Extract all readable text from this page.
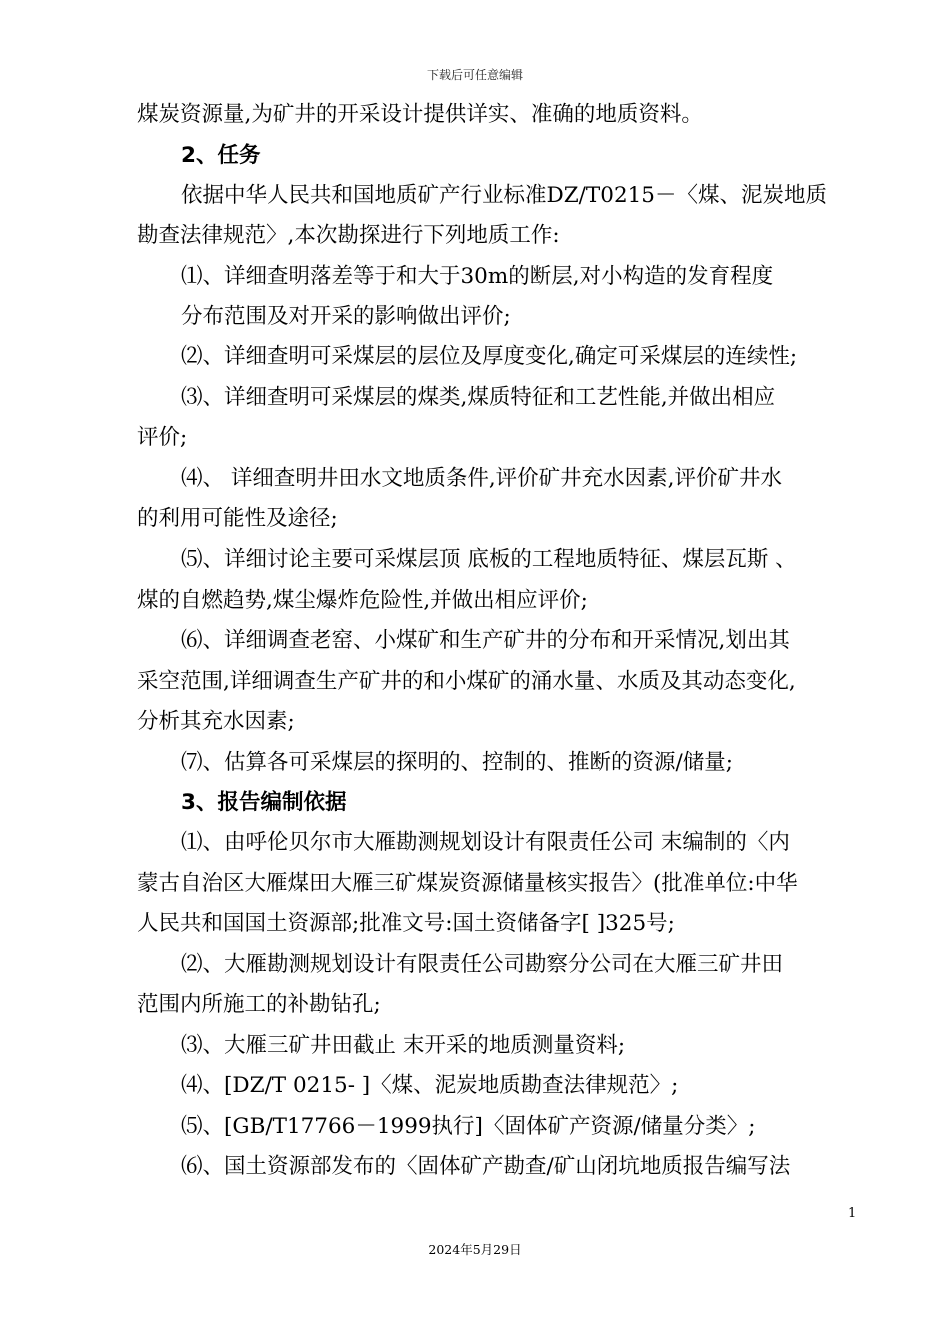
下载后可任意编辑
煤炭资源量,为矿井的开采设计提供详实、准确的地质资料。
2、任务
依据中华人民共和国地质矿产行业标准DZ/T0215－〈煤、泥炭地质
勘查法律规范〉,本次勘探进行下列地质工作:
⑴、详细查明落差等于和大于30m的断层,对小构造的发育程度
分布范围及对开采的影响做出评价;
⑵、详细查明可采煤层的层位及厚度变化,确定可采煤层的连续性;
⑶、详细查明可采煤层的煤类,煤质特征和工艺性能,并做出相应
评价;
⑷、 详细查明井田水文地质条件,评价矿井充水因素,评价矿井水
的利用可能性及途径;
⑸、详细讨论主要可采煤层顶 底板的工程地质特征、煤层瓦斯 、
煤的自燃趋势,煤尘爆炸危险性,并做出相应评价;
⑹、详细调查老窑、小煤矿和生产矿井的分布和开采情况,划出其
采空范围,详细调查生产矿井的和小煤矿的涌水量、水质及其动态变化,
分析其充水因素;
⑺、估算各可采煤层的探明的、控制的、推断的资源/储量;
3、报告编制依据
⑴、由呼伦贝尔市大雁勘测规划设计有限责任公司 末编制的〈内
蒙古自治区大雁煤田大雁三矿煤炭资源储量核实报告〉(批准单位:中华
人民共和国国土资源部;批准文号:国土资储备字[ ]325号;
⑵、大雁勘测规划设计有限责任公司勘察分公司在大雁三矿井田
范围内所施工的补勘钻孔;
⑶、大雁三矿井田截止 末开采的地质测量资料;
⑷、[DZ/T 0215- ]〈煤、泥炭地质勘查法律规范〉;
⑸、[GB/T17766－1999执行]〈固体矿产资源/储量分类〉;
⑹、国土资源部发布的〈固体矿产勘查/矿山闭坑地质报告编写法
1
2024年5月29日
